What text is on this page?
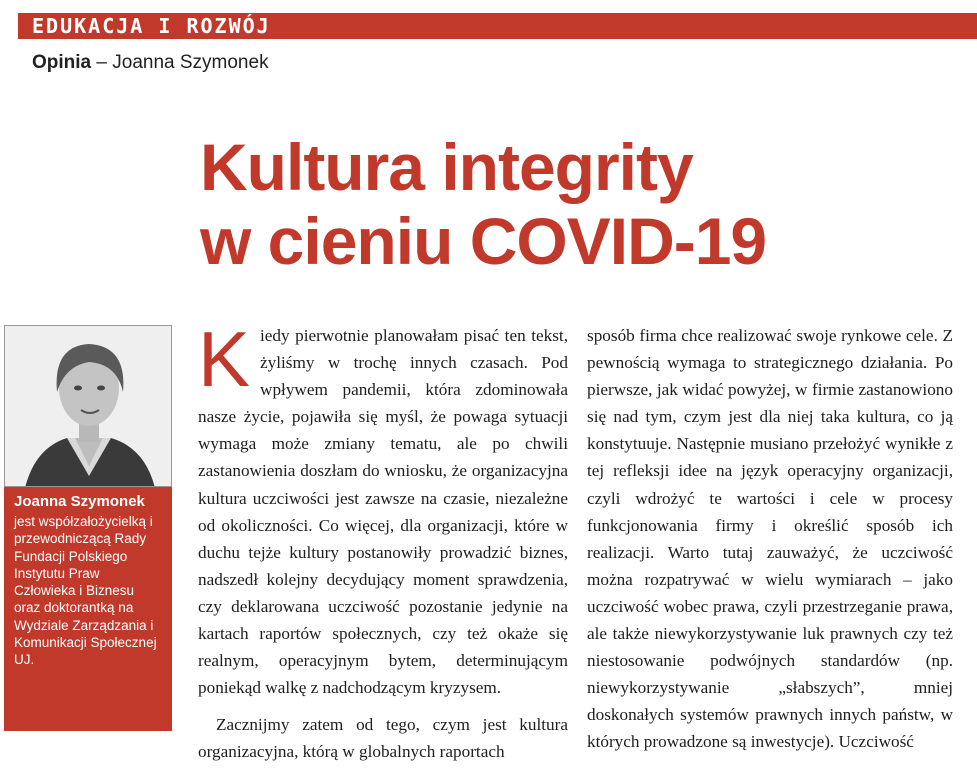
EDUKACJA I ROZWÓJ
Opinia – Joanna Szymonek
Kultura integrity
w cieniu COVID-19
Joanna Szymonek
jest współzałożycielką i przewodniczącą Rady Fundacji Polskiego Instytutu Praw Człowieka i Biznesu oraz doktorantką na Wydziale Zarządzania i Komunikacji Społecznej UJ.

Kiedy pierwotnie planowałam pisać ten tekst, żyliśmy w trochę innych czasach. Pod wpływem pandemii, która zdominowała nasze życie, pojawiła się myśl, że powaga sytuacji wymaga może zmiany tematu, ale po chwili zastanowienia doszłam do wniosku, że organizacyjna kultura uczciwości jest zawsze na czasie, niezależne od okoliczności. Co więcej, dla organizacji, które w duchu tejże kultury postanowiły prowadzić biznes, nadszedł kolejny decydujący moment sprawdzenia, czy deklarowana uczciwość pozostanie jedynie na kartach raportów społecznych, czy też okaże się realnym, operacyjnym bytem, determinującym poniekąd walkę z nadchodzącym kryzysem.

Zacznijmy zatem od tego, czym jest kultura organizacyjna, którą w globalnych raportach

sposób firma chce realizować swoje rynkowe cele. Z pewnością wymaga to strategicznego działania. Po pierwsze, jak widać powyżej, w firmie zastanowiono się nad tym, czym jest dla niej taka kultura, co ją konstytuuje. Następnie musiano przełożyć wynikłe z tej refleksji idee na język operacyjny organizacji, czyli wdrożyć te wartości i cele w procesy funkcjonowania firmy i określić sposób ich realizacji. Warto tutaj zauważyć, że uczciwość można rozpatrywać w wielu wymiarach – jako uczciwość wobec prawa, czyli przestrzeganie prawa, ale także niewykorzystywanie luk prawnych czy też niestosowanie podwójnych standardów (np. niewykorzystywanie „słabszych”, mniej doskonałych systemów prawnych innych państw, w których prowadzone są inwestycje). Uczciwość
